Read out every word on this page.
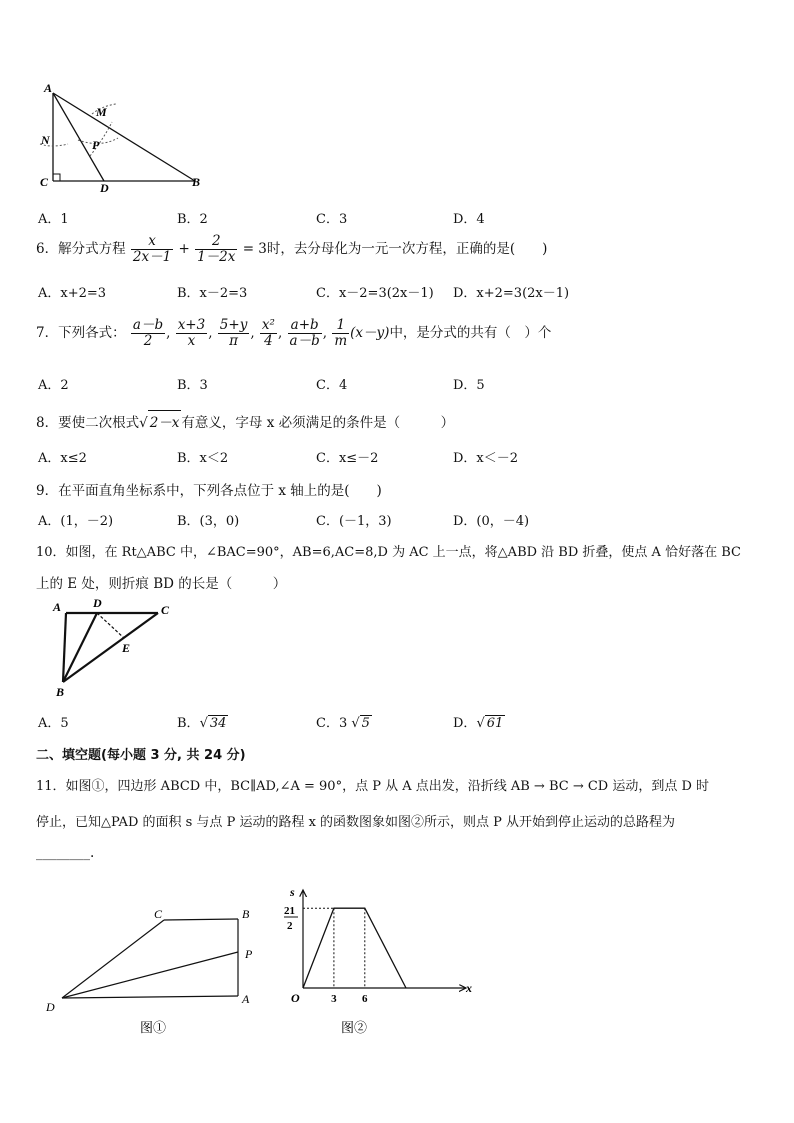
A
M
N	P
C	D	B
A．1	B．2	C．3	D．4
6．解分式方程 $\frac{x}{2x-1} + \frac{2}{1-2x} = 3$时，去分母化为一元一次方程，正确的是(　　)
A．x+2=3	B．x－2=3	C．x－2=3(2x－1) D．x+2=3(2x－1)
7．下列各式： $\frac{a-b}{2}$ , $\frac{x+3}{x}$ , $\frac{5+y}{\pi}$ , $\frac{\text{x²}}{4}$ , $\frac{a+b}{a-b}$ , $\frac{1}{m} (x-y)$中，是分式的共有（　）个
A．2	B．3	C．4	D．5
8．要使二次根式√ 2－x 有意义，字母 x 必须满足的条件是（　　　）
A．x≤2	B．x＜2	C．x≤－2	D．x＜－2
9．在平面直角坐标系中，下列各点位于 x 轴上的是(　　)
A．(1，－2)	B．(3，0)	C．(－1，3)	D．(0，－4)
10．如图，在 Rt△ABC 中，∠BAC=90°，AB=6,AC=8,D 为 AC 上一点，将△ABD 沿 BD 折叠，使点 A 恰好落在 BC
上的 E 处，则折痕 BD 的长是（　　　）
A	D	C
E
B
A．5	B．√ 34	C．3 √ 5	D．√ 61
二、填空题(每小题 3 分, 共 24 分)
11．如图①，四边形 ABCD 中，BC∥AD,∠A = 90°，点 P 从 A 点出发，沿折线 AB → BC → CD 运动，到点 D 时
停止，已知△PAD 的面积 s 与点 P 运动的路程 x 的函数图象如图②所示，则点 P 从开始到停止运动的总路程为
________.
C	B
P
D
A
图①
s
x
O
21
2
3 6
图②
